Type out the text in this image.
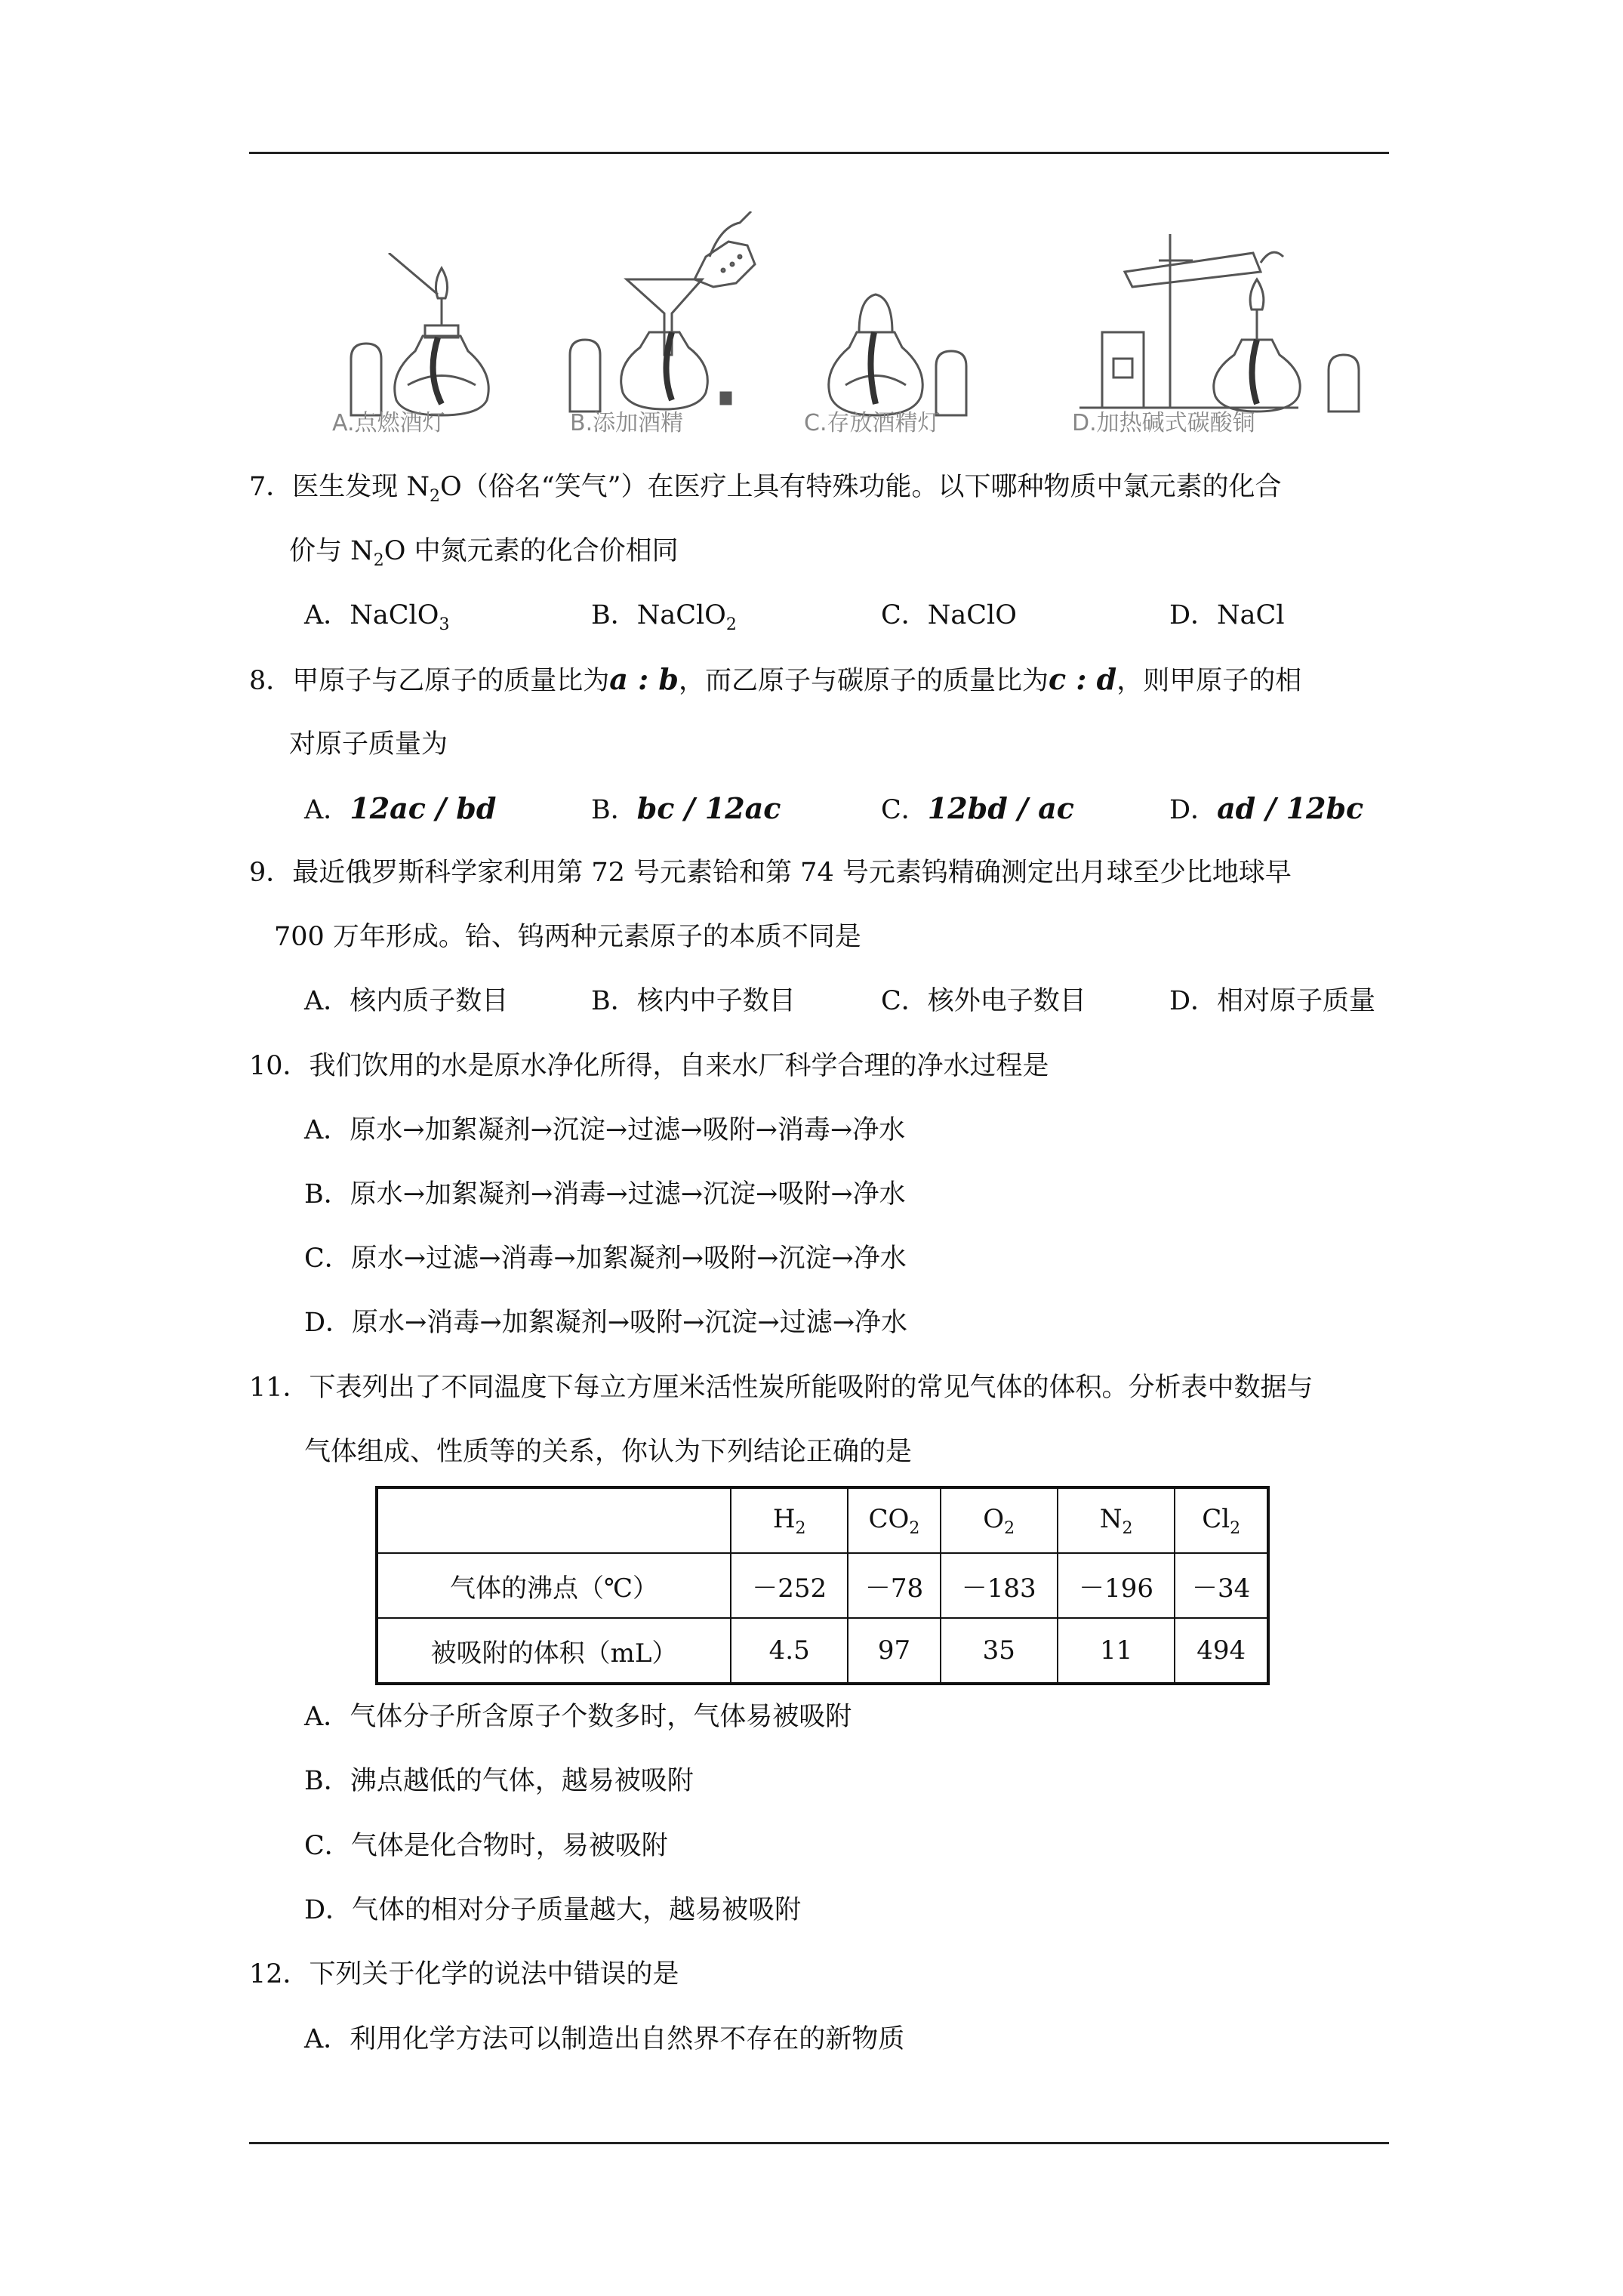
A.点燃酒灯	B.添加酒精	C.存放酒精灯	D.加热碱式碳酸铜
7．医生发现 $N_2O$（俗名“笑气”）在医疗上具有特殊功能。以下哪种物质中氯元素的化合
价与 $N_2O$ 中氮元素的化合价相同
A．NaClO$_3$	B．NaClO$_2$	C．NaClO	D．NaCl
8．甲原子与乙原子的质量比为a : b，而乙原子与碳原子的质量比为c : d，则甲原子的相
对原子质量为
A．12ac / bd	B．bc / 12ac	C．12bd / ac	D．ad / 12bc
9．最近俄罗斯科学家利用第 72 号元素铪和第 74 号元素钨精确测定出月球至少比地球早
700 万年形成。铪、钨两种元素原子的本质不同是
A．核内质子数目	B．核内中子数目	C．核外电子数目	D．相对原子质量
10．我们饮用的水是原水净化所得，自来水厂科学合理的净水过程是
A．原水→加絮凝剂→沉淀→过滤→吸附→消毒→净水
B．原水→加絮凝剂→消毒→过滤→沉淀→吸附→净水
C．原水→过滤→消毒→加絮凝剂→吸附→沉淀→净水
D．原水→消毒→加絮凝剂→吸附→沉淀→过滤→净水
11．下表列出了不同温度下每立方厘米活性炭所能吸附的常见气体的体积。分析表中数据与
气体组成、性质等的关系，你认为下列结论正确的是
	$H_2$	$CO_2$	$O_2$	$N_2$	$Cl_2$
气体的沸点（℃）	－252	－78	－183	－196	－34
被吸附的体积（mL）	4.5	97	35	11	494
A．气体分子所含原子个数多时，气体易被吸附
B．沸点越低的气体，越易被吸附
C．气体是化合物时，易被吸附
D．气体的相对分子质量越大，越易被吸附
12．下列关于化学的说法中错误的是
A．利用化学方法可以制造出自然界不存在的新物质
